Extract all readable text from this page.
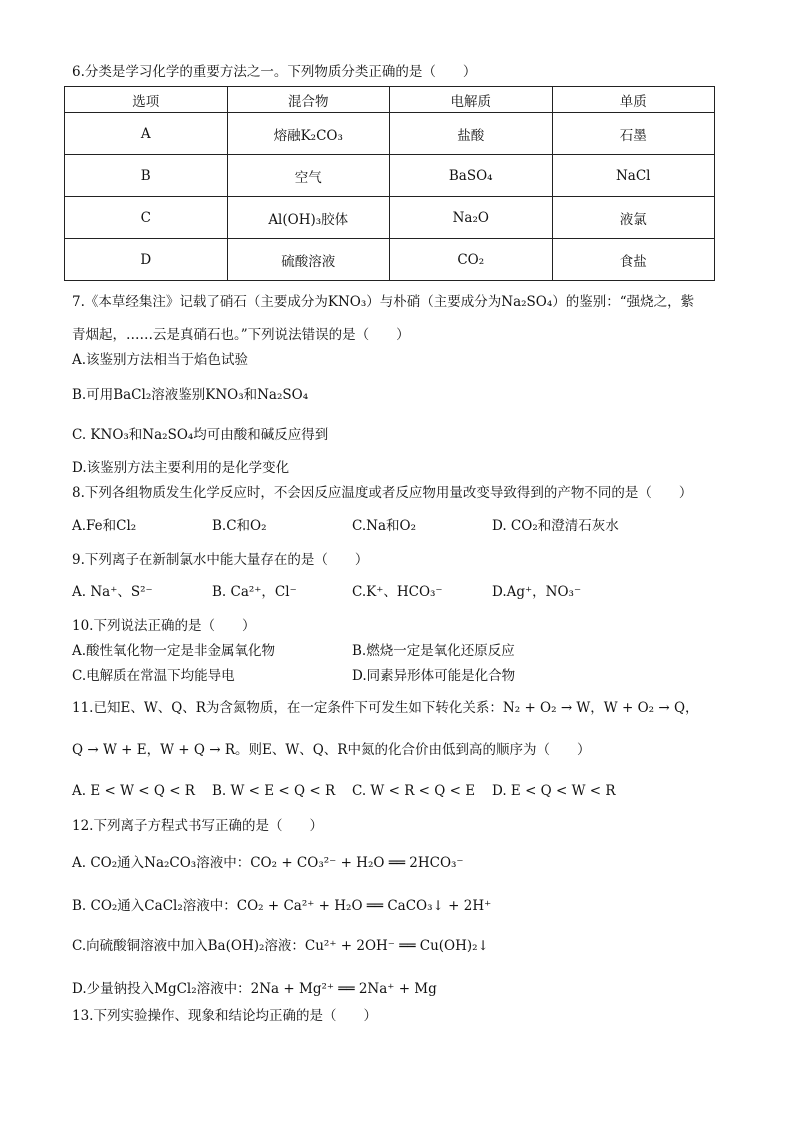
6.分类是学习化学的重要方法之一。下列物质分类正确的是（　　）
选项	混合物	电解质	单质
A	熔融K₂CO₃	盐酸	石墨
B	空气	BaSO₄	NaCl
C	Al(OH)₃胶体	Na₂O	液氯
D	硫酸溶液	CO₂	食盐
7.《本草经集注》记载了硝石（主要成分为KNO₃）与朴硝（主要成分为Na₂SO₄）的鉴别：“强烧之，紫
青烟起，……云是真硝石也。”下列说法错误的是（　　）
A.该鉴别方法相当于焰色试验
B.可用BaCl₂溶液鉴别KNO₃和Na₂SO₄
C. KNO₃和Na₂SO₄均可由酸和碱反应得到
D.该鉴别方法主要利用的是化学变化
8.下列各组物质发生化学反应时，不会因反应温度或者反应物用量改变导致得到的产物不同的是（　　）
A.Fe和Cl₂	B.C和O₂	C.Na和O₂	D. CO₂和澄清石灰水
9.下列离子在新制氯水中能大量存在的是（　　）
A. Na⁺、S²⁻	B. Ca²⁺，Cl⁻	C.K⁺、HCO₃⁻	D.Ag⁺，NO₃⁻
10.下列说法正确的是（　　）
A.酸性氧化物一定是非金属氧化物	B.燃烧一定是氧化还原反应
C.电解质在常温下均能导电	D.同素异形体可能是化合物
11.已知E、W、Q、R为含氮物质，在一定条件下可发生如下转化关系：N₂ + O₂ → W，W + O₂ → Q，
Q → W + E，W + Q → R。则E、W、Q、R中氮的化合价由低到高的顺序为（　　）
A. E < W < Q < R B. W < E < Q < R C. W < R < Q < E D. E < Q < W < R
12.下列离子方程式书写正确的是（　　）
A. CO₂通入Na₂CO₃溶液中：CO₂ + CO₃²⁻ + H₂O ══ 2HCO₃⁻
B. CO₂通入CaCl₂溶液中：CO₂ + Ca²⁺ + H₂O ══ CaCO₃↓ + 2H⁺
C.向硫酸铜溶液中加入Ba(OH)₂溶液：Cu²⁺ + 2OH⁻ ══ Cu(OH)₂↓
D.少量钠投入MgCl₂溶液中：2Na + Mg²⁺ ══ 2Na⁺ + Mg
13.下列实验操作、现象和结论均正确的是（　　）
